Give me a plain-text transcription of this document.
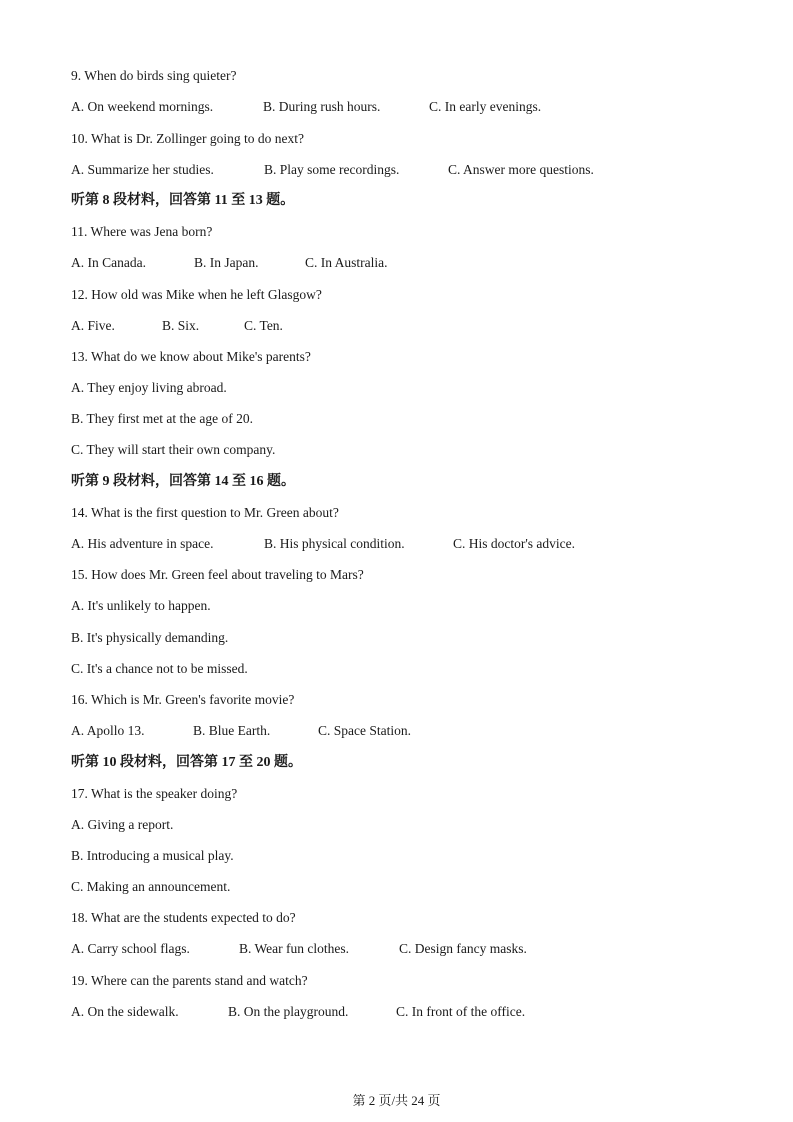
9. When do birds sing quieter?
A. On weekend mornings.	B. During rush hours.	C. In early evenings.
10. What is Dr. Zollinger going to do next?
A. Summarize her studies.	B. Play some recordings.	C. Answer more questions.
听第 8 段材料，回答第 11 至 13 题。
11. Where was Jena born?
A. In Canada.	B. In Japan.	C. In Australia.
12. How old was Mike when he left Glasgow?
A. Five.	B. Six.	C. Ten.
13. What do we know about Mike's parents?
A. They enjoy living abroad.
B. They first met at the age of 20.
C. They will start their own company.
听第 9 段材料，回答第 14 至 16 题。
14. What is the first question to Mr. Green about?
A. His adventure in space.	B. His physical condition.	C. His doctor's advice.
15. How does Mr. Green feel about traveling to Mars?
A. It's unlikely to happen.
B. It's physically demanding.
C. It's a chance not to be missed.
16. Which is Mr. Green's favorite movie?
A. Apollo 13.	B. Blue Earth.	C. Space Station.
听第 10 段材料，回答第 17 至 20 题。
17. What is the speaker doing?
A. Giving a report.
B. Introducing a musical play.
C. Making an announcement.
18. What are the students expected to do?
A. Carry school flags.	B. Wear fun clothes.	C. Design fancy masks.
19. Where can the parents stand and watch?
A. On the sidewalk.	B. On the playground.	C. In front of the office.
第 2 页/共 24 页
